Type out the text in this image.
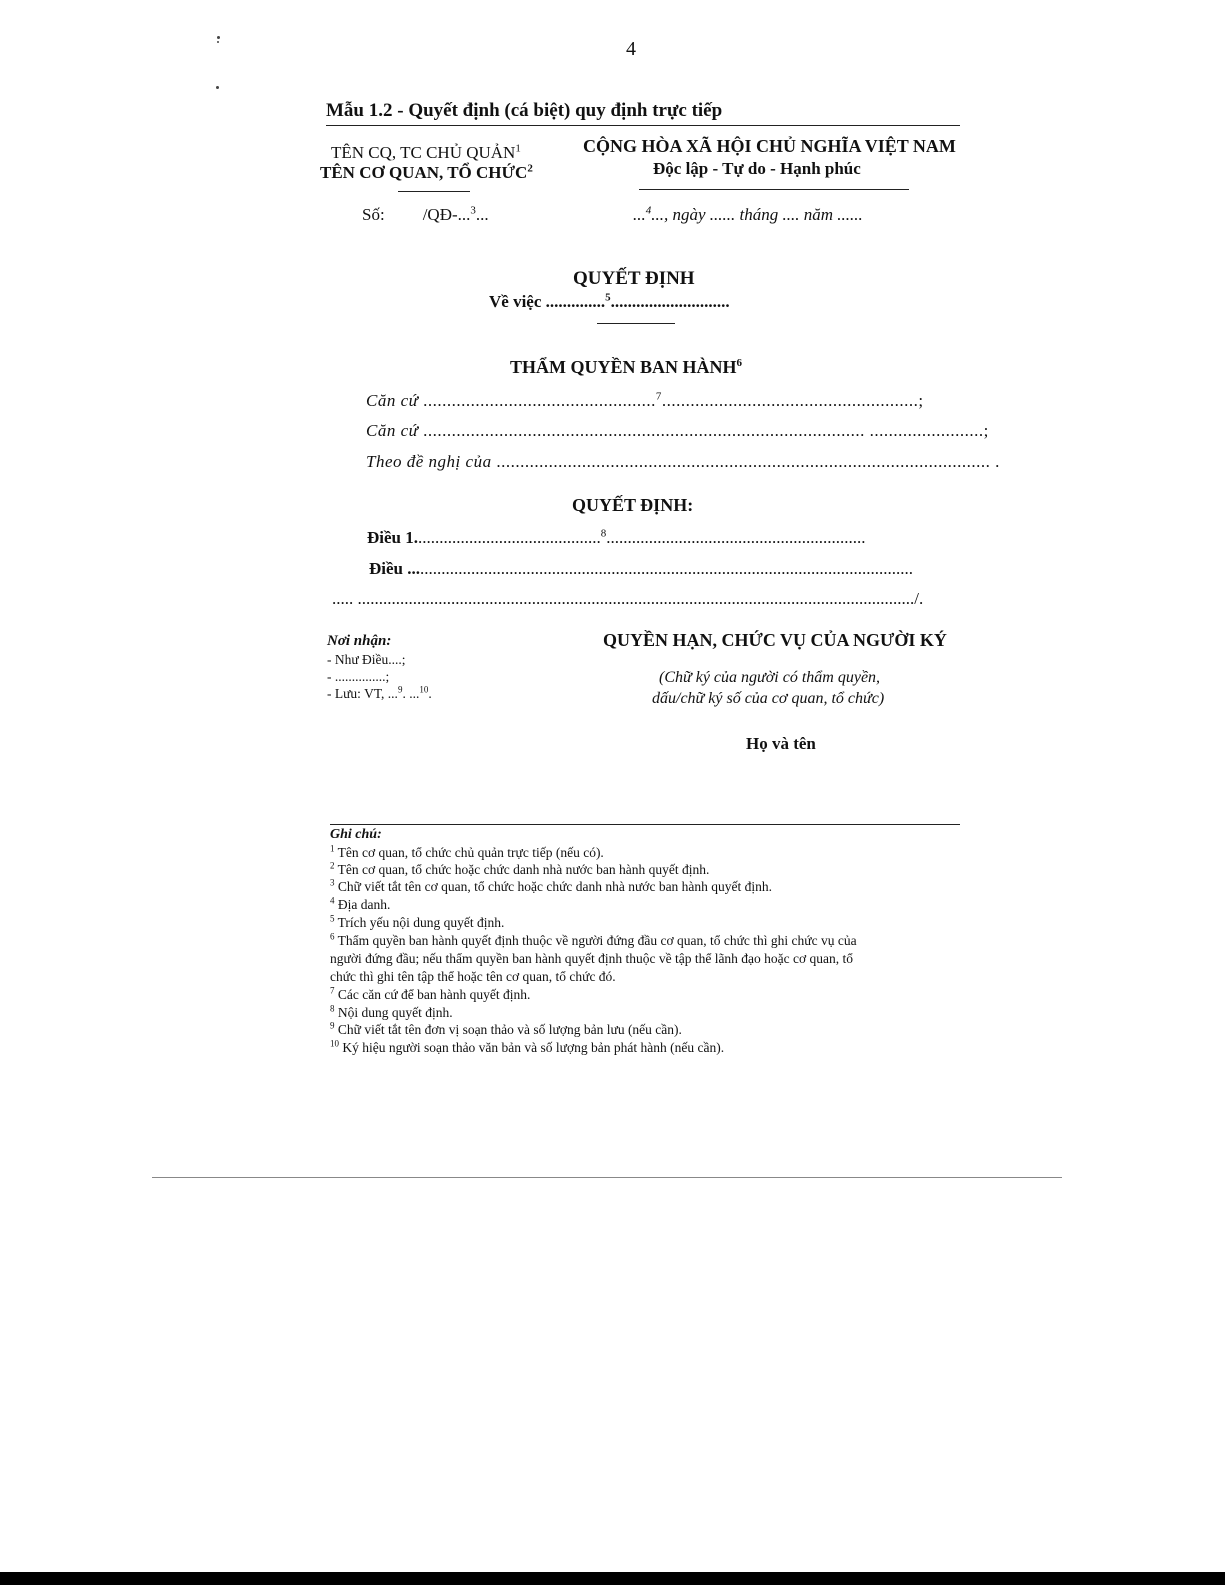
4
Mẫu 1.2 - Quyết định (cá biệt) quy định trực tiếp
TÊN CQ, TC CHỦ QUẢN$^1$
TÊN CƠ QUAN, TỔ CHỨC$^2$
CỘNG HÒA XÃ HỘI CHỦ NGHĨA VIỆT NAM
Độc lập - Tự do - Hạnh phúc
Số: /QĐ-...$^3$...	...$^4$..., ngày ...... tháng .... năm ......
QUYẾT ĐỊNH
Về việc ..............$^5$............................
THẨM QUYỀN BAN HÀNH$^6$
Căn cứ .................................................$^7$......................................................;
Căn cứ ............................................................................................. ........................;
Theo đề nghị của ........................................................................................................ .
QUYẾT ĐỊNH:
Điều 1............................................$^8$.............................................................
Điều .......................................................................................................................
..... .................................................................................................................................../.
Nơi nhận:
- Như Điều....;
- ...............;
- Lưu: VT, ...$^9$. ...$^{10}$.
QUYỀN HẠN, CHỨC VỤ CỦA NGƯỜI KÝ
(Chữ ký của người có thẩm quyền,
dấu/chữ ký số của cơ quan, tổ chức)
Họ và tên
Ghi chú:
$^1$ Tên cơ quan, tổ chức chủ quản trực tiếp (nếu có).
$^2$ Tên cơ quan, tổ chức hoặc chức danh nhà nước ban hành quyết định.
$^3$ Chữ viết tắt tên cơ quan, tổ chức hoặc chức danh nhà nước ban hành quyết định.
$^4$ Địa danh.
$^5$ Trích yếu nội dung quyết định.
$^6$ Thẩm quyền ban hành quyết định thuộc về người đứng đầu cơ quan, tổ chức thì ghi chức vụ của
người đứng đầu; nếu thẩm quyền ban hành quyết định thuộc về tập thể lãnh đạo hoặc cơ quan, tổ
chức thì ghi tên tập thể hoặc tên cơ quan, tổ chức đó.
$^7$ Các căn cứ để ban hành quyết định.
$^8$ Nội dung quyết định.
$^9$ Chữ viết tắt tên đơn vị soạn thảo và số lượng bản lưu (nếu cần).
$^{10}$ Ký hiệu người soạn thảo văn bản và số lượng bản phát hành (nếu cần).
